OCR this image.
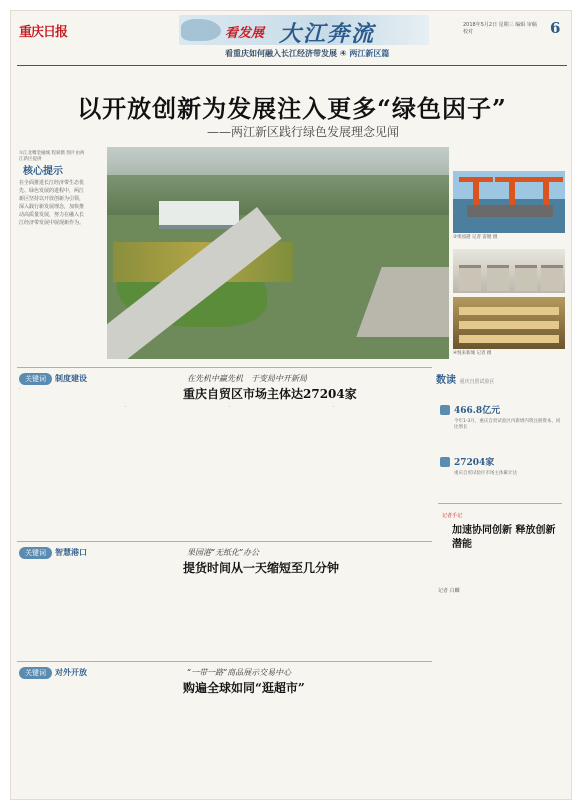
重庆日报	看发展 大江奔流
看重庆如何融入长江经济带发展 ④ 两江新区篇
2018年5月2日 星期三 编辑 审稿 校对	6
以开放创新为发展注入更多“绿色因子”
——两江新区践行绿色发展理念见闻
①江北嘴金融城 程斌摄 图片由两江新区提供
核心提示
在全面推进长江经济带生态优先、绿色发展的进程中，两江新区坚持以开放创新为引领，深入践行新发展理念，加快推动高质量发展，努力在融入长江经济带发展中展现新作为。
②果园港 记者 雷键 摄
④悦来新城 记者 摄
关键词	制度建设	在先机中赢先机　于变局中开新局
重庆自贸区市场主体达27204家
·
·	·	·
关键词	智慧港口	果园港“无纸化”办公
提货时间从一天缩短至几分钟
关键词	对外开放	“一带一路”商品展示交易中心
购遍全球如同“逛超市”
数读 重庆自贸试验区
466.8亿元
今年1-3月，重庆自贸试验区内新增内资注册资本，同比增长
27204家
重庆自贸试验区市场主体累计达
记者手记
加速协同创新 释放创新潜能
记者 白麟
